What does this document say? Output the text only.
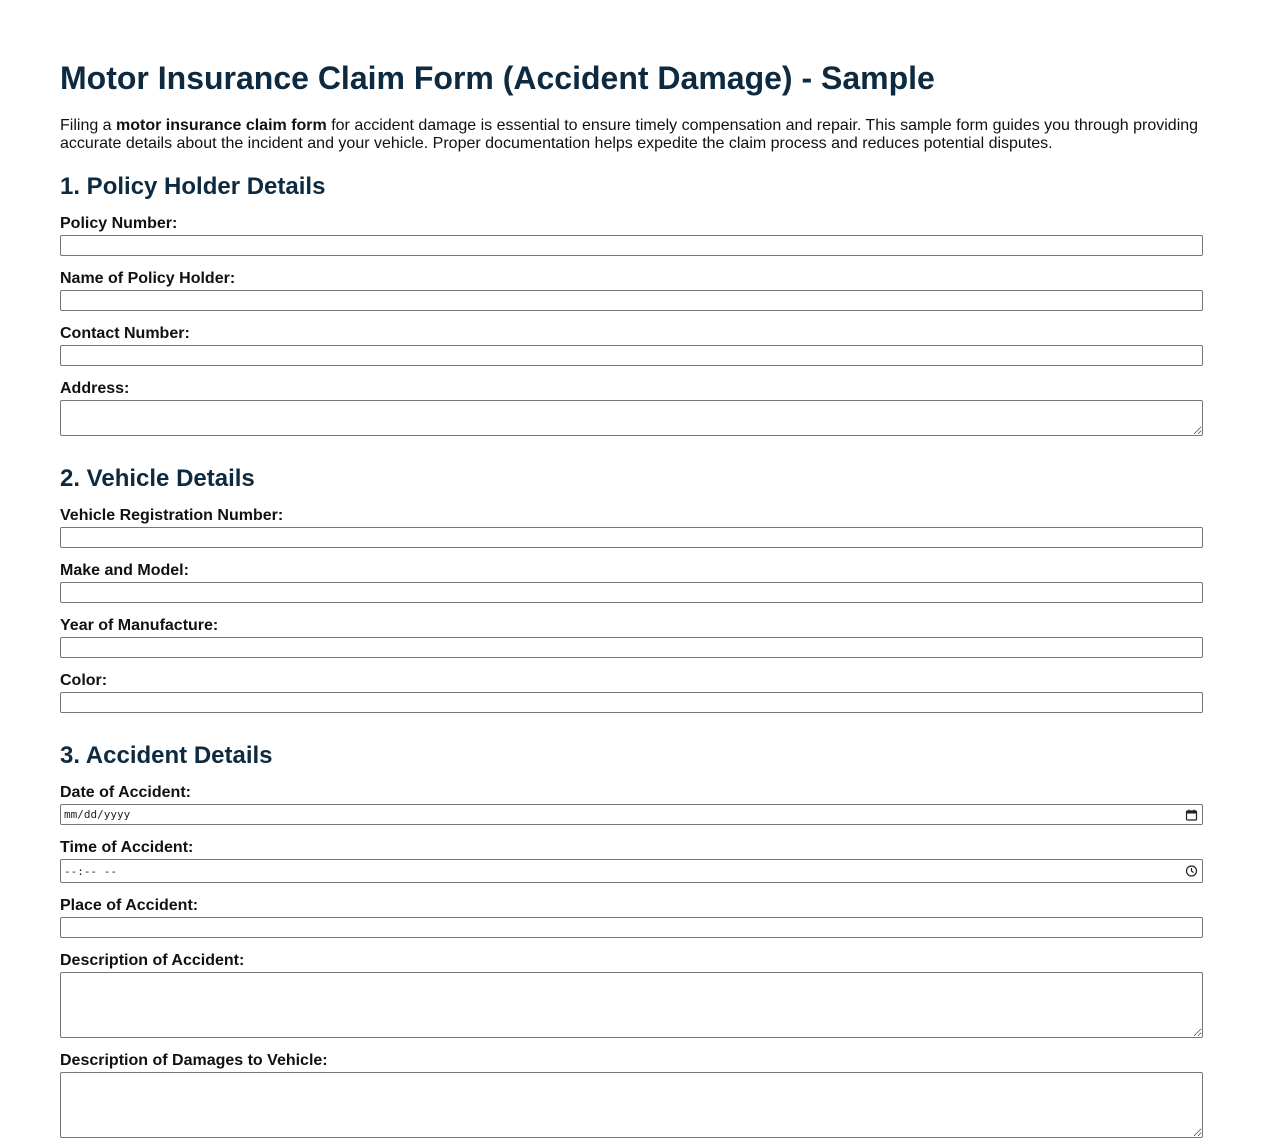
Motor Insurance Claim Form (Accident Damage) - Sample

Filing a motor insurance claim form for accident damage is essential to ensure timely compensation and repair. This sample form guides you through providing accurate details about the incident and your vehicle. Proper documentation helps expedite the claim process and reduces potential disputes.

1. Policy Holder Details
Policy Number:
Name of Policy Holder:
Contact Number:
Address:
2. Vehicle Details
Vehicle Registration Number:
Make and Model:
Year of Manufacture:
Color:
3. Accident Details
Date of Accident:
mm/dd/yyyy
Time of Accident:
--:-- --
Place of Accident:
Description of Accident:
Description of Damages to Vehicle:
